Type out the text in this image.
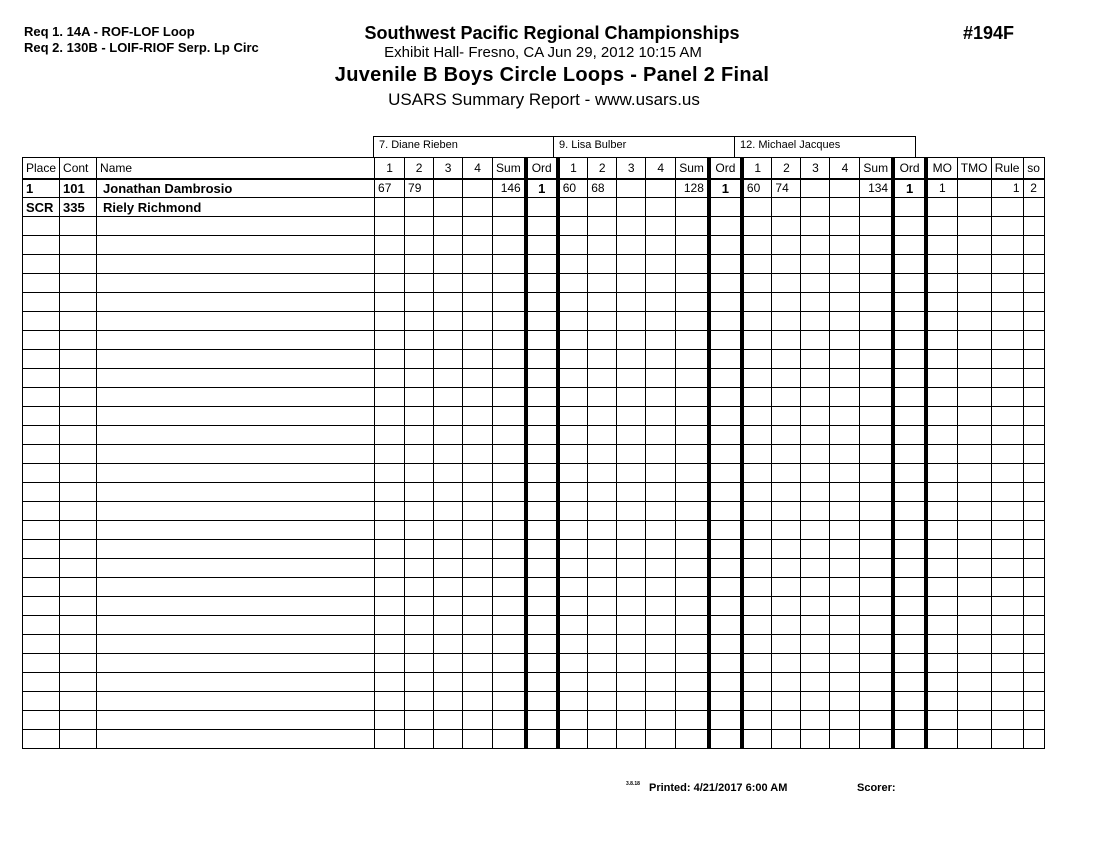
Req 1. 14A - ROF-LOF Loop
Req 2. 130B - LOIF-RIOF Serp. Lp Circ
Southwest Pacific Regional Championships
Exhibit Hall- Fresno, CA Jun 29, 2012 10:15 AM
Juvenile B Boys Circle Loops - Panel 2 Final
USARS Summary Report - www.usars.us
#194F
7. Diane Rieben	9. Lisa Bulber	12. Michael Jacques
Place	Cont	Name	1	2	3	4	Sum	Ord	1	2	3	4	Sum	Ord	1	2	3	4	Sum	Ord	MO	TMO	Rule	so
1	101	Jonathan Dambrosio	67	79			146	1	60	68			128	1	60	74			134	1	1		1	2
SCR	335	Riely Richmond																						

3.8.18 Printed: 4/21/2017 6:00 AM	Scorer:
